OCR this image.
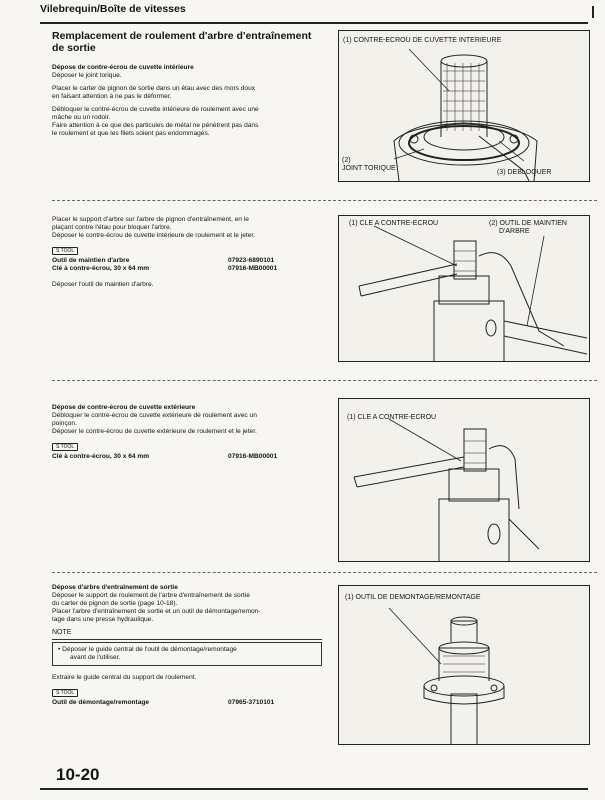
Vilebrequin/Boîte de vitesses
Remplacement de roulement d'arbre d'entraînement de sortie
Dépose de contre-écrou de cuvette intérieure
Déposer le joint torique.
Placer le carter de pignon de sortie dans un étau avec des mors doux
en faisant attention à ne pas le déformer.
Débloquer le contre-écrou de cuvette intérieure de roulement avec une
mâche ou un rodoir.
Faire attention à ce que des particules de métal ne pénètrent pas dans
le roulement et que les filets soient pas endommagés.
Placer le support d'arbre sur l'arbre de pignon d'entraînement, en le
plaçant contre l'étau pour bloquer l'arbre.
Déposer le contre-écrou de cuvette intérieure de roulement et le jeter.
S TOOL
Outil de maintien d'arbre	07923-6890101
Clé à contre-écrou, 30 x 64 mm	07916-MB00001
Déposer l'outil de maintien d'arbre.
Dépose de contre-écrou de cuvette extérieure
Débloquer le contre-écrou de cuvette extérieure de roulement avec un
poinçon.
Déposer le contre-écrou de cuvette extérieure de roulement et le jeter.
S TOOL
Clé à contre-écrou, 30 x 64 mm	07916-MB00001
Dépose d'arbre d'entraînement de sortie
Déposer le support de roulement de l'arbre d'entraînement de sortie
du carter de pignon de sortie (page 10-18).
Placer l'arbre d'entraînement de sortie et un outil de démontage/remon-
tage dans une presse hydraulique.
NOTE
• Déposer le guide central de l'outil de démontage/remontage
avant de l'utiliser.
Extraire le guide central du support de roulement.
S TOOL
Outil de démontage/remontage	07965-3710101
(1) CONTRE-ECROU DE CUVETTE INTERIEURE
(2)
JOINT TORIQUE
(3) DEBLOQUER
(1) CLE A CONTRE-ECROU	(2) OUTIL DE MAINTIEN
D'ARBRE
(1) CLE A CONTRE-ECROU
(1) OUTIL DE DEMONTAGE/REMONTAGE
10-20
